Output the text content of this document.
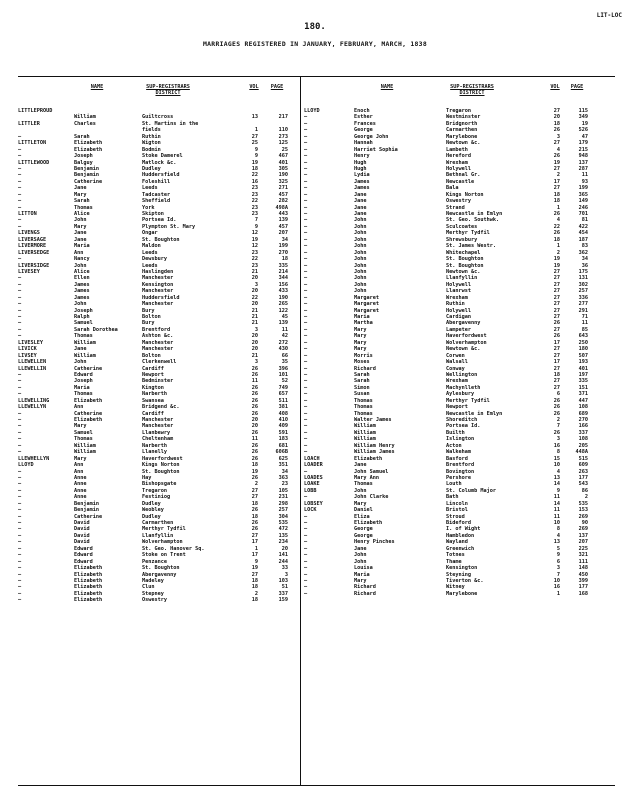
180.
LIT-LOC
MARRIAGES REGISTERED IN JANUARY, FEBRUARY, MARCH, 1838
NAME	SUP-REGISTRARS DISTRICT
VOL	PAGE
LITTLEPROUD
William	Guiltcross	13	217
LITTLER	Charles	St. Martins in the
fields	1	110
—	Sarah	Ruthin	27	273
LITTLETON	Elizabeth	Wigton	25	125
—	Elizabeth	Bodmin	9	25
—	Joseph	Stoke Damerel	9	467
LITTLEWOOD	Balguy	Matlock &c.	19	401
—	Benjamin	Dudley	18	305
—	Benjamin	Huddersfield	22	190
—	Catherine	Foleshill	16	325
—	Jane	Leeds	23	271
—	Mary	Tadcaster	23	457
—	Sarah	Sheffield	22	282
—	Thomas	York	23	498A
LITTON	Alice	Skipton	23	443
—	John	Portsea Id.	7	139
—	Mary	Plympton St. Mary	9	457
LIVENGS	Jane	Ongar	12	207
LIVERSAGE	Jane	St. Boughton	19	34
LIVERMORE	Maria	Maldon	12	199
LIVERSEDGE	Ann	Leeds	23	270
—	Nancy	Dewsbury	22	18
LIVERSIDGE	John	Leeds	23	335
LIVESEY	Alice	Haslingden	21	214
—	Ellen	Manchester	20	344
—	James	Kensington	3	156
—	James	Manchester	20	433
—	James	Huddersfield	22	190
—	John	Manchester	20	265
—	Joseph	Bury	21	122
—	Ralph	Bolton	21	45
—	Samuel	Bury	21	139
—	Sarah Dorothea	Brentford	3	11
—	Thomas	Ashton &c.	20	42
LIVESLEY	William	Manchester	20	272
LIVICK	Jane	Manchester	20	430
LIVSEY	William	Bolton	21	66
LLEWELLEN	John	Clerkenwell	3	35
LLEWELLIN	Catherine	Cardiff	26	396
—	Edward	Newport	26	101
—	Joseph	Bedminster	11	52
—	Maria	Kington	26	749
—	Thomas	Narberth	26	657
LLEWELLING	Elizabeth	Swansea	26	511
LLEWELLYN	Ann	Bridgend &c.	26	381
—	Catherine	Cardiff	26	408
—	Elizabeth	Manchester	20	410
—	Mary	Manchester	20	409
—	Samuel	Llanbewry	26	591
—	Thomas	Cheltenham	11	183
—	William	Narberth	26	681
—	William	Llanelly	26	606B
LLEWHELLYN	Mary	Haverfordwest	26	625
LLOYD	Ann	Kings Norton	18	351
—	Ann	St. Boughton	19	34
—	Anne	Hay	26	363
—	Anne	Bishopsgate	2	23
—	Anne	Tregaron	27	105
—	Anne	Festiniog	27	231
—	Benjamin	Dudley	18	298
—	Benjamin	Weobley	26	257
—	Catherine	Dudley	18	304
—	David	Carmarthen	26	535
—	David	Merthyr Tydfil	26	472
—	David	Llanfyllin	27	135
—	David	Wolverhampton	17	234
—	Edward	St. Geo. Hanover Sq.	1	20
—	Edward	Stoke on Trent	17	141
—	Edward	Penzance	9	244
—	Elizabeth	St. Boughton	19	33
—	Elizabeth	Abergavenny	27	3
—	Elizabeth	Madeley	18	103
—	Elizabeth	Clun	18	51
—	Elizabeth	Stepney	2	337
—	Elizabeth	Oswestry	18	159
NAME	SUP-REGISTRARS DISTRICT
VOL	PAGE
LLOYD	Enoch	Tregaron	27	115
—	Esther	Westminster	20	349
—	Frances	Bridgnorth	18	19
—	George	Carmarthen	26	526
—	George John	Marylebone	3	47
—	Hannah	Newtown &c.	27	179
—	Harriet Sophia	Lambeth	4	215
—	Henry	Hereford	26	948
—	Hugh	Wrexham	19	137
—	Hugh	Holywell	27	287
—	Lydia	Bethnal Gr.	2	11
—	James	Newcastle	17	93
—	James	Bala	27	199
—	Jane	Kings Norton	18	365
—	Jane	Oswestry	18	149
—	Jane	Strand	1	246
—	Jane	Newcastle in Emlyn	26	701
—	John	St. Geo. Southwk.	4	81
—	John	Sculcoates	22	422
—	John	Merthyr Tydfil	26	454
—	John	Shrewsbury	18	187
—	John	St. James Westr.	1	83
—	John	Whitechapel	2	362
—	John	St. Boughton	19	34
—	John	St. Boughton	19	36
—	John	Newtown &c.	27	175
—	John	Llanfyllin	27	131
—	John	Holywell	27	302
—	John	Llanrwst	27	257
—	Margaret	Wrexham	27	336
—	Margaret	Ruthin	27	277
—	Margaret	Holywell	27	291
—	Maria	Cardigan	27	71
—	Martha	Abergavenny	26	11
—	Mary	Lampeter	27	85
—	Mary	Haverfordwest	26	643
—	Mary	Wolverhampton	17	250
—	Mary	Newtown &c.	27	180
—	Morris	Corwen	27	507
—	Moses	Walsall	17	193
—	Richard	Conway	27	401
—	Sarah	Wellington	18	197
—	Sarah	Wrexham	27	335
—	Simon	Machynlleth	27	151
—	Susan	Aylesbury	6	371
—	Thomas	Merthyr Tydfil	26	447
—	Thomas	Newport	26	108
—	Thomas	Newcastle in Emlyn	26	689
—	Walter James	Shoreditch	2	270
—	William	Portsea Id.	7	166
—	William	Builth	26	337
—	William	Islington	3	108
—	William Henry	Acton	16	205
—	William James	Walkeham	8	448A
LOACH	Elizabeth	Basford	15	515
LOADER	Jane	Brentford	10	609
—	John Samuel	Bovington	4	263
LOADES	Mary Ann	Pershore	13	177
LOAKE	Thomas	Louth	14	543
LOBB	John	St. Columb Major	9	86
—	John Clarke	Bath	11	2
LOBSEY	Mary	Lincoln	14	535
LOCK	Daniel	Bristol	11	153
—	Eliza	Stroud	11	269
—	Elizabeth	Bideford	10	90
—	George	I. of Wight	8	269
—	George	Hambledon	4	137
—	Henry Pinches	Wayland	13	207
—	Jane	Greenwich	5	225
—	John	Totnes	9	321
—	John	Thame	6	111
—	Louisa	Kensington	3	148
—	Maria	Steyning	7	450
—	Mary	Tiverton &c.	10	399
—	Richard	Witney	16	177
—	Richard	Marylebone	1	168
